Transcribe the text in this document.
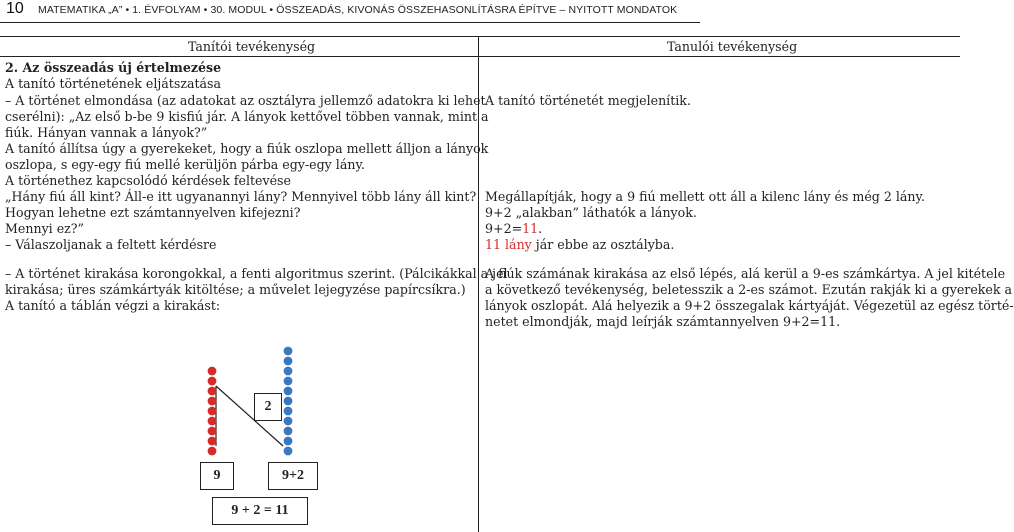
10 MATEMATIKA „A” • 1. ÉVFOLYAM • 30. MODUL • ÖSSZEADÁS, KIVONÁS ÖSSZEHASONLÍTÁSRA ÉPÍTVE – NYITOTT MONDATOK
Tanítói tevékenység	Tanulói tevékenység
2. Az összeadás új értelmezése
A tanító történetének eljátszatása
– A történet elmondása (az adatokat az osztályra jellemző adatokra ki lehet
cserélni): „Az első b-be 9 kisfiú jár. A lányok kettővel többen vannak, mint a
fiúk. Hányan vannak a lányok?”
A tanító állítsa úgy a gyerekeket, hogy a fiúk oszlopa mellett álljon a lányok
oszlopa, s egy-egy fiú mellé kerüljön párba egy-egy lány.
A történethez kapcsolódó kérdések feltevése
„Hány fiú áll kint? Áll-e itt ugyanannyi lány? Mennyivel több lány áll kint?
Hogyan lehetne ezt számtannyelven kifejezni?
Mennyi ez?”
– Válaszoljanak a feltett kérdésre
– A történet kirakása korongokkal, a fenti algoritmus szerint. (Pálcikákkal a jel
kirakása; üres számkártyák kitöltése; a művelet lejegyzése papírcsíkra.)
A tanító a táblán végzi a kirakást:
A tanító történetét megjelenítik.
Megállapítják, hogy a 9 fiú mellett ott áll a kilenc lány és még 2 lány.
9+2 „alakban” láthatók a lányok.
9+2=11.
11 lány jár ebbe az osztályba.
A fiúk számának kirakása az első lépés, alá kerül a 9-es számkártya. A jel kitétele
a következő tevékenység, beletesszik a 2-es számot. Ezután rakják ki a gyerekek a
lányok oszlopát. Alá helyezik a 9+2 összegalak kártyáját. Végezetül az egész törté-
netet elmondják, majd leírják számtannyelven 9+2=11.
2
9	9+2
9 + 2 = 11
